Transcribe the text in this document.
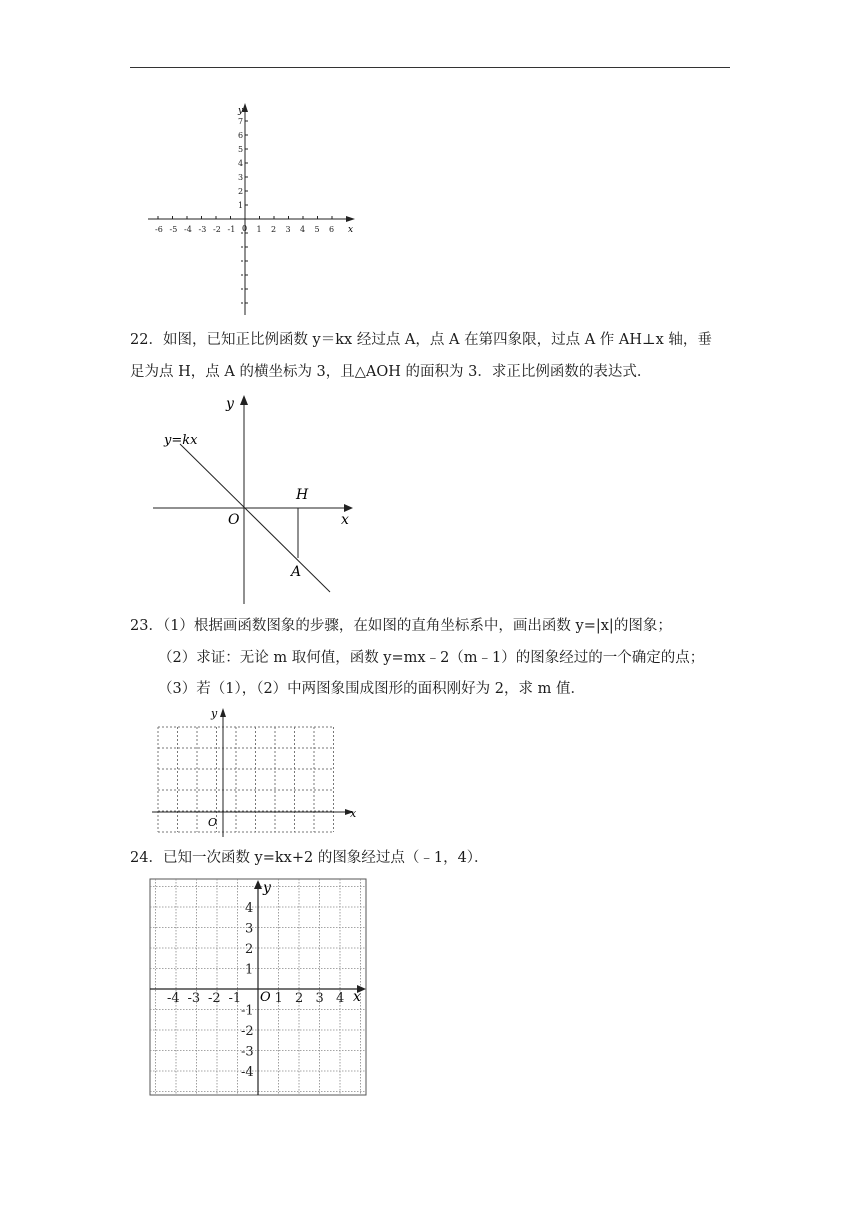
-6 -5 -4 -3 -2 -1	1 2 3 4 5 6
1
2
3
4
5
6
7
y
x
0
22．如图，已知正比例函数 y＝kx 经过点 A，点 A 在第四象限，过点 A 作 AH⊥x 轴，垂
足为点 H，点 A 的横坐标为 3，且△AOH 的面积为 3．求正比例函数的表达式．
y=kx
y
x
O
H
A
23．（1）根据画函数图象的步骤，在如图的直角坐标系中，画出函数 y=|x|的图象；
（2）求证：无论 m 取何值，函数 y=mx﹣2（m﹣1）的图象经过的一个确定的点；
（3）若（1），（2）中两图象围成图形的面积刚好为 2，求 m 值．
y
x
O
24．已知一次函数 y=kx+2 的图象经过点（﹣1，4）．
-4 -3 -2 -1	1 2 3 4
1
2
3
4
-1
-2
-3
-4
y
x
O
